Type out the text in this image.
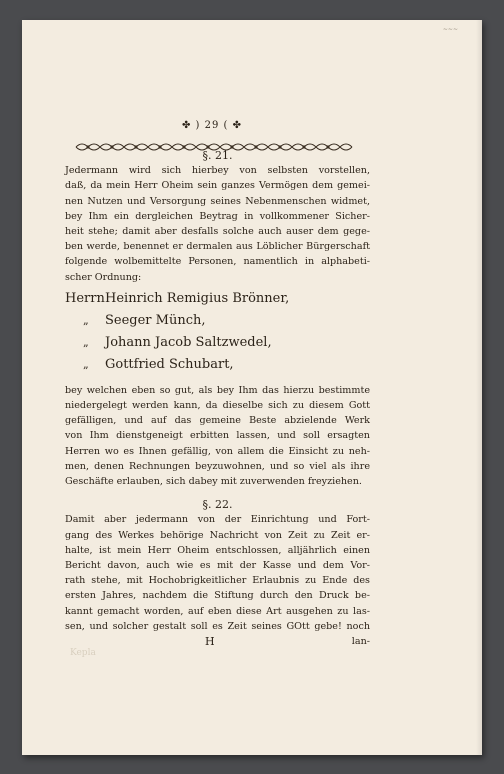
~~~
✤ ) 29 ( ✤

§. 21.

Jedermann wird sich hierbey von selbsten vorstellen,
daß, da mein Herr Oheim sein ganzes Vermögen dem gemei-
nen Nutzen und Versorgung seines Nebenmenschen widmet,
bey Ihm ein dergleichen Beytrag in vollkommener Sicher-
heit stehe; damit aber desfalls solche auch auser dem gege-
ben werde, benennet er dermalen aus Löblicher Bürgerschaft
folgende wolbemittelte Personen, namentlich in alphabeti-
scher Ordnung:
Herrn Heinrich Remigius Brönner,
„	Seeger Münch,
„	Johann Jacob Saltzwedel,
„	Gottfried Schubart,
bey welchen eben so gut, als bey Ihm das hierzu bestimmte
niedergelegt werden kann, da dieselbe sich zu diesem Gott
gefälligen, und auf das gemeine Beste abzielende Werk
von Ihm dienstgeneigt erbitten lassen, und soll ersagten
Herren wo es Ihnen gefällig, von allem die Einsicht zu neh-
men, denen Rechnungen beyzuwohnen, und so viel als ihre
Geschäfte erlauben, sich dabey mit zuverwenden freyziehen.

§. 22.

Damit aber jedermann von der Einrichtung und Fort-
gang des Werkes behörige Nachricht von Zeit zu Zeit er-
halte, ist mein Herr Oheim entschlossen, alljährlich einen
Bericht davon, auch wie es mit der Kasse und dem Vor-
rath stehe, mit Hochobrigkeitlicher Erlaubnis zu Ende des
ersten Jahres, nachdem die Stiftung durch den Druck be-
kannt gemacht worden, auf eben diese Art ausgehen zu las-
sen, und solcher gestalt soll es Zeit seines GOtt gebe! noch
H	lan-
Kepla
